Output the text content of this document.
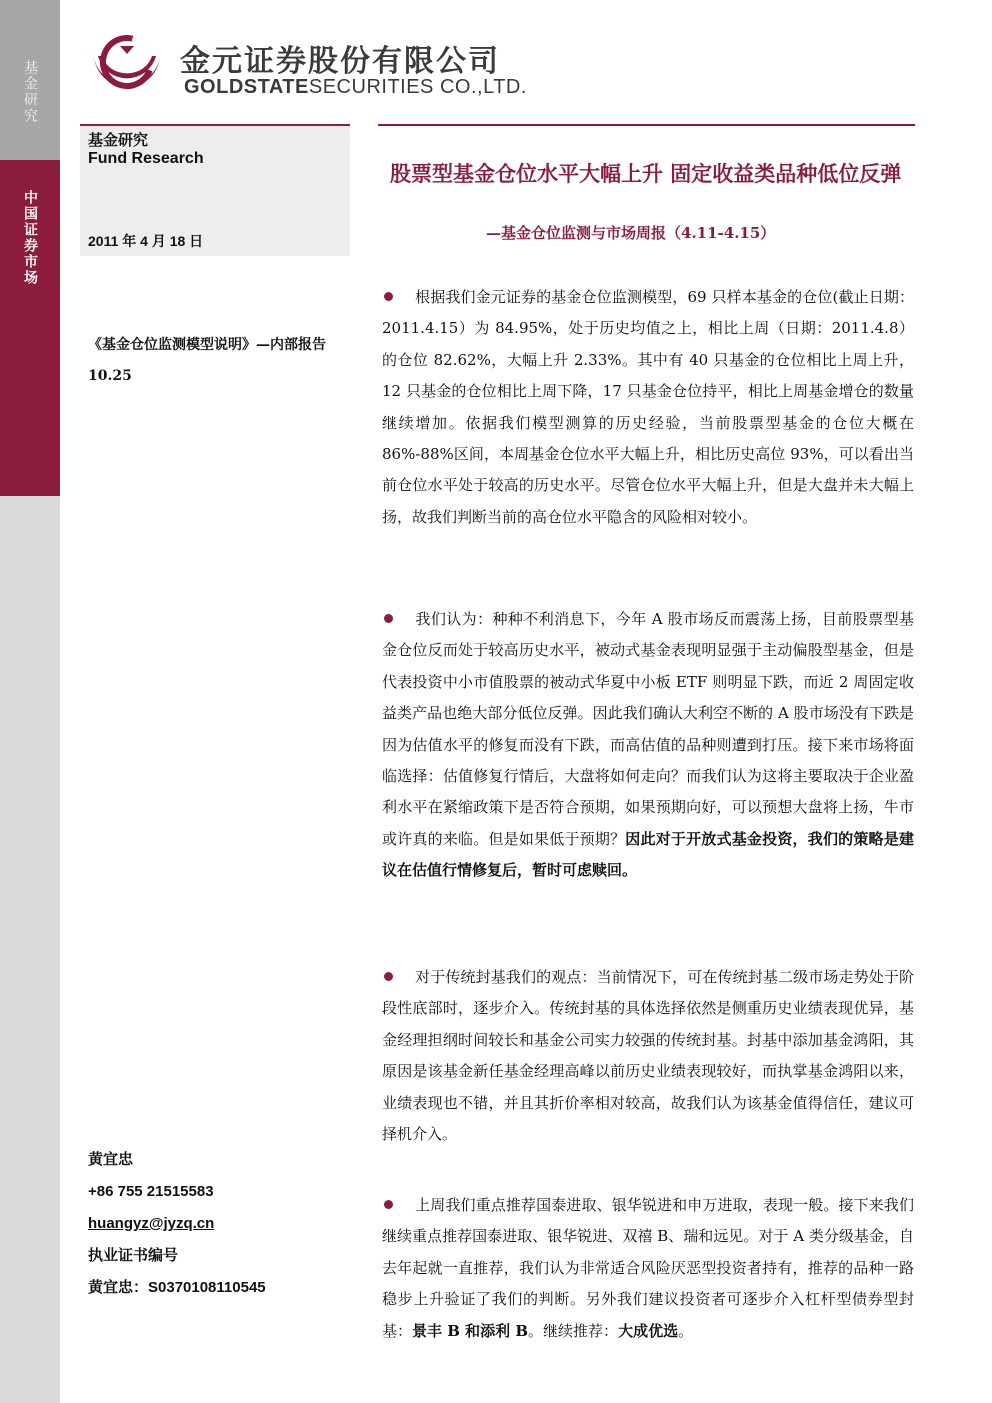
基金研究
中国证券市场
金元证券股份有限公司
GOLDSTATESECURITIES CO.,LTD.
基金研究
Fund Research
2011 年 4 月 18 日
《基金仓位监测模型说明》—内部报告 10.25
股票型基金仓位水平大幅上升 固定收益类品种低位反弹
—基金仓位监测与市场周报（4.11-4.15）
根据我们金元证券的基金仓位监测模型，69 只样本基金的仓位(截止日期：2011.4.15）为 84.95%，处于历史均值之上，相比上周（日期：2011.4.8）的仓位 82.62%，大幅上升 2.33%。其中有 40 只基金的仓位相比上周上升，12 只基金的仓位相比上周下降，17 只基金仓位持平，相比上周基金增仓的数量继续增加。依据我们模型测算的历史经验，当前股票型基金的仓位大概在 86%-88%区间，本周基金仓位水平大幅上升，相比历史高位 93%，可以看出当前仓位水平处于较高的历史水平。尽管仓位水平大幅上升，但是大盘并未大幅上扬，故我们判断当前的高仓位水平隐含的风险相对较小。
我们认为：种种不利消息下，今年 A 股市场反而震荡上扬，目前股票型基金仓位反而处于较高历史水平，被动式基金表现明显强于主动偏股型基金，但是代表投资中小市值股票的被动式华夏中小板 ETF 则明显下跌，而近 2 周固定收益类产品也绝大部分低位反弹。因此我们确认大利空不断的 A 股市场没有下跌是因为估值水平的修复而没有下跌，而高估值的品种则遭到打压。接下来市场将面临选择：估值修复行情后，大盘将如何走向？而我们认为这将主要取决于企业盈利水平在紧缩政策下是否符合预期，如果预期向好，可以预想大盘将上扬，牛市或许真的来临。但是如果低于预期？因此对于开放式基金投资，我们的策略是建议在估值行情修复后，暂时可虑赎回。
对于传统封基我们的观点：当前情况下，可在传统封基二级市场走势处于阶段性底部时，逐步介入。传统封基的具体选择依然是侧重历史业绩表现优异，基金经理担纲时间较长和基金公司实力较强的传统封基。封基中添加基金鸿阳，其原因是该基金新任基金经理高峰以前历史业绩表现较好，而执掌基金鸿阳以来，业绩表现也不错，并且其折价率相对较高，故我们认为该基金值得信任，建议可择机介入。
上周我们重点推荐国泰进取、银华锐进和申万进取，表现一般。接下来我们继续重点推荐国泰进取、银华锐进、双禧 B、瑞和远见。对于 A 类分级基金，自去年起就一直推荐，我们认为非常适合风险厌恶型投资者持有，推荐的品种一路稳步上升验证了我们的判断。另外我们建议投资者可逐步介入杠杆型债券型封基：景丰 B 和添利 B。继续推荐：大成优选。
黄宜忠
+86 755 21515583
huangyz@jyzq.cn
执业证书编号
黄宜忠：S0370108110545
